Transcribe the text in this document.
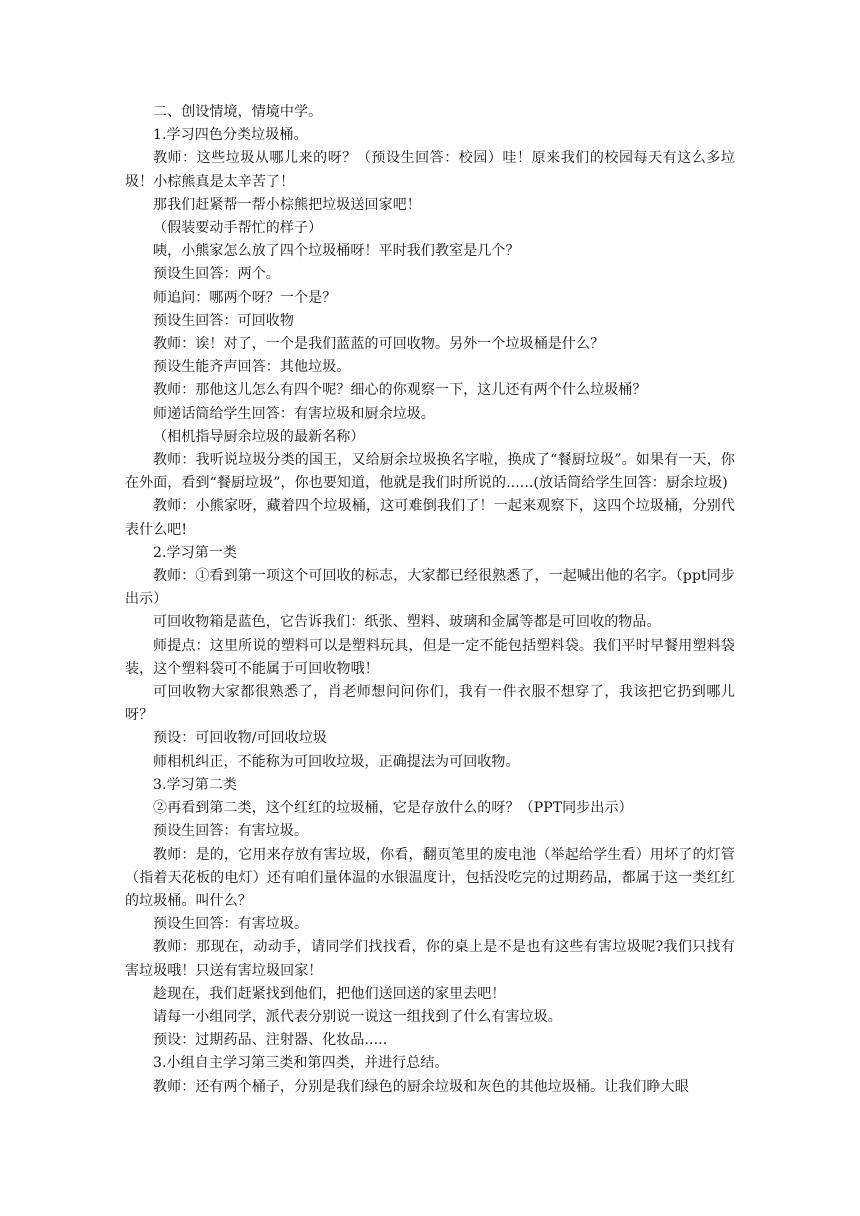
二、创设情境，情境中学。

1.学习四色分类垃圾桶。

教师：这些垃圾从哪儿来的呀？（预设生回答：校园）哇！原来我们的校园每天有这么多垃圾！小棕熊真是太辛苦了！

那我们赶紧帮一帮小棕熊把垃圾送回家吧！

（假装要动手帮忙的样子）

咦，小熊家怎么放了四个垃圾桶呀！平时我们教室是几个？

预设生回答：两个。

师追问：哪两个呀？一个是？

预设生回答：可回收物

教师：诶！对了，一个是我们蓝蓝的可回收物。另外一个垃圾桶是什么？

预设生能齐声回答：其他垃圾。

教师：那他这儿怎么有四个呢？细心的你观察一下，这儿还有两个什么垃圾桶？

师递话筒给学生回答：有害垃圾和厨余垃圾。

（相机指导厨余垃圾的最新名称）

教师：我听说垃圾分类的国王，又给厨余垃圾换名字啦，换成了“餐厨垃圾”。如果有一天，你在外面，看到“餐厨垃圾”，你也要知道，他就是我们时所说的......(放话筒给学生回答：厨余垃圾)

教师：小熊家呀，藏着四个垃圾桶，这可难倒我们了！一起来观察下，这四个垃圾桶，分别代表什么吧!

2.学习第一类

教师：①看到第一项这个可回收的标志，大家都已经很熟悉了，一起喊出他的名字。（ppt同步出示）

可回收物箱是蓝色，它告诉我们：纸张、塑料、玻璃和金属等都是可回收的物品。

师提点：这里所说的塑料可以是塑料玩具，但是一定不能包括塑料袋。我们平时早餐用塑料袋装，这个塑料袋可不能属于可回收物哦！

可回收物大家都很熟悉了，肖老师想问问你们，我有一件衣服不想穿了，我该把它扔到哪儿呀？

预设：可回收物/可回收垃圾

师相机纠正，不能称为可回收垃圾，正确提法为可回收物。

3.学习第二类

②再看到第二类，这个红红的垃圾桶，它是存放什么的呀？（PPT同步出示）

预设生回答：有害垃圾。

教师：是的，它用来存放有害垃圾，你看，翻页笔里的废电池（举起给学生看）用坏了的灯管（指着天花板的电灯）还有咱们量体温的水银温度计，包括没吃完的过期药品，都属于这一类红红的垃圾桶。叫什么？

预设生回答：有害垃圾。

教师：那现在，动动手，请同学们找找看，你的桌上是不是也有这些有害垃圾呢?我们只找有害垃圾哦！只送有害垃圾回家！

趁现在，我们赶紧找到他们，把他们送回送的家里去吧！

请每一小组同学，派代表分别说一说这一组找到了什么有害垃圾。

预设：过期药品、注射器、化妆品.....

3.小组自主学习第三类和第四类，并进行总结。

教师：还有两个桶子，分别是我们绿色的厨余垃圾和灰色的其他垃圾桶。让我们睁大眼
